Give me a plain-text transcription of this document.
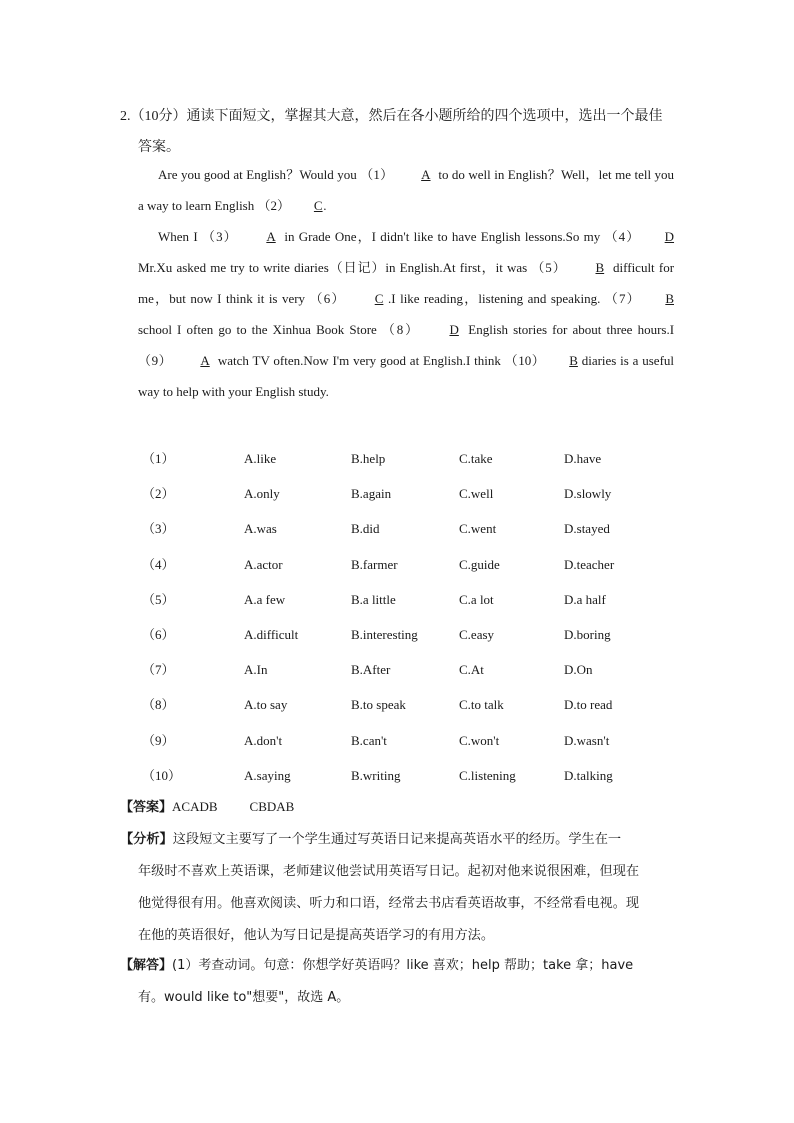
2.（10分）通读下面短文，掌握其大意，然后在各小题所给的四个选项中，选出一个最佳
答案。

Are you good at English？Would you （1） A to do well in English？Well，let me tell you a way to learn English （2） C.

When I （3） A in Grade One，I didn't like to have English lessons.So my （4） D Mr.Xu asked me try to write diaries（日记）in English.At first，it was （5） B difficult for me，but now I think it is very （6） C .I like reading，listening and speaking. （7） B school I often go to the Xinhua Book Store （8） D English stories for about three hours.I （9） A watch TV often.Now I'm very good at English.I think （10） B diaries is a useful way to help with your English study.

（1）	A.like	B.help	C.take	D.have
（2）	A.only	B.again	C.well	D.slowly
（3）	A.was	B.did	C.went	D.stayed
（4）	A.actor	B.farmer	C.guide	D.teacher
（5）	A.a few	B.a little	C.a lot	D.a half
（6）	A.difficult	B.interesting	C.easy	D.boring
（7）	A.In	B.After	C.At	D.On
（8）	A.to say	B.to speak	C.to talk	D.to read
（9）	A.don't	B.can't	C.won't	D.wasn't
（10）	A.saying	B.writing	C.listening	D.talking
【答案】ACADB CBDAB
【分析】这段短文主要写了一个学生通过写英语日记来提高英语水平的经历。学生在一
年级时不喜欢上英语课，老师建议他尝试用英语写日记。起初对他来说很困难，但现在
他觉得很有用。他喜欢阅读、听力和口语，经常去书店看英语故事，不经常看电视。现
在他的英语很好，他认为写日记是提高英语学习的有用方法。
【解答】(1）考查动词。句意：你想学好英语吗？like 喜欢；help 帮助；take 拿；have
有。would like to"想要"，故选 A。
